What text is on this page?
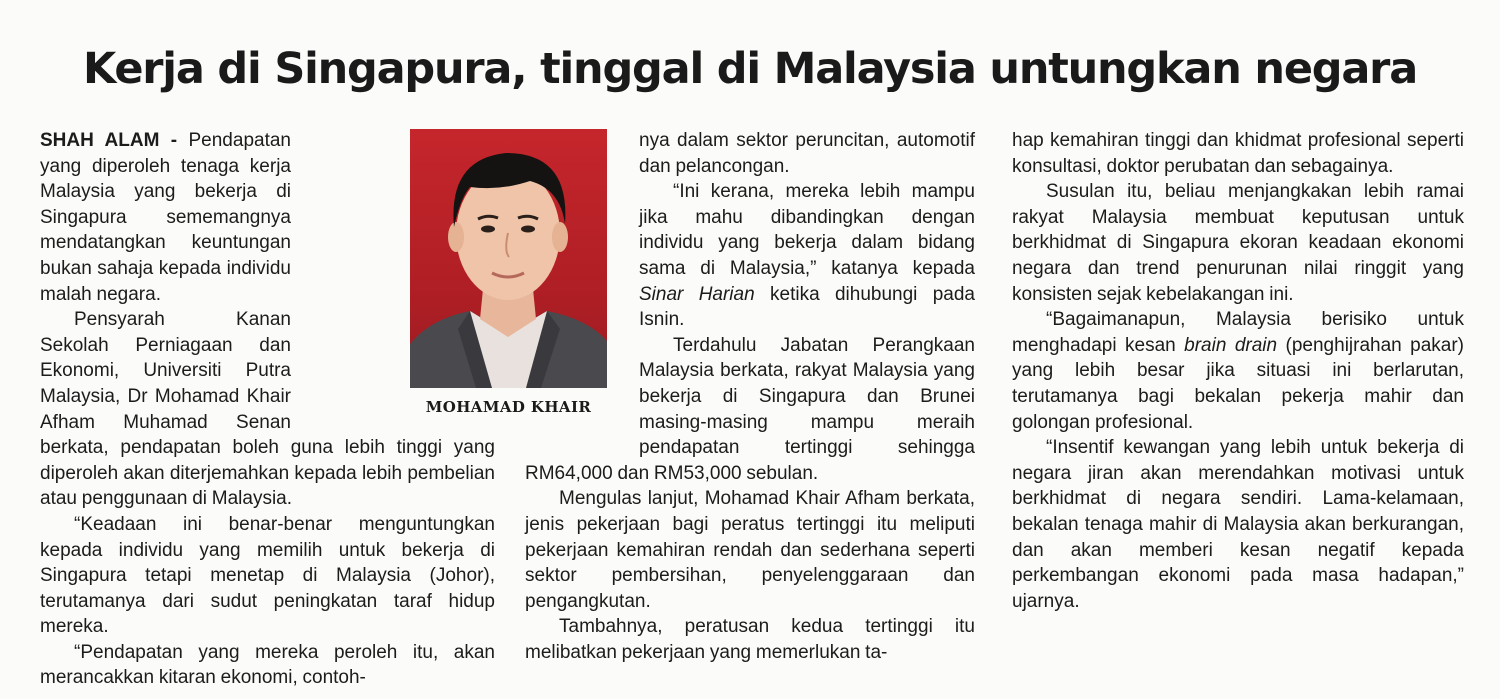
Kerja di Singapura, tinggal di Malaysia untungkan negara

SHAH ALAM - Pendapatan yang diperoleh tenaga kerja Malaysia yang bekerja di Singapura sememangnya mendatangkan keuntungan bukan sahaja kepada individu malah negara.

Pensyarah Kanan Sekolah Perniagaan dan Ekonomi, Universiti Putra Malaysia, Dr Mohamad Khair Afham Muhamad Senan berkata, pendapatan boleh guna lebih tinggi yang diperoleh akan diterjemahkan kepada lebih pembelian atau penggunaan di Malaysia.

“Keadaan ini benar-benar menguntungkan kepada individu yang memilih untuk bekerja di Singapura tetapi menetap di Malaysia (Johor), terutamanya dari sudut peningkatan taraf hidup mereka.

“Pendapatan yang mereka peroleh itu, akan merancakkan kitaran ekonomi, contoh-

MOHAMAD KHAIR

nya dalam sektor peruncitan, automotif dan pelancongan.

“Ini kerana, mereka lebih mampu jika mahu dibandingkan dengan individu yang bekerja dalam bidang sama di Malaysia,” katanya kepada Sinar Harian ketika dihubungi pada Isnin.

Terdahulu Jabatan Perangkaan Malaysia berkata, rakyat Malaysia yang bekerja di Singapura dan Brunei masing-masing mampu meraih pendapatan tertinggi sehingga RM64,000 dan RM53,000 sebulan.

Mengulas lanjut, Mohamad Khair Afham berkata, jenis pekerjaan bagi peratus tertinggi itu meliputi pekerjaan kemahiran rendah dan sederhana seperti sektor pembersihan, penyelenggaraan dan pengangkutan.

Tambahnya, peratusan kedua tertinggi itu melibatkan pekerjaan yang memerlukan ta-

hap kemahiran tinggi dan khidmat profesional seperti konsultasi, doktor perubatan dan sebagainya.

Susulan itu, beliau menjangkakan lebih ramai rakyat Malaysia membuat keputusan untuk berkhidmat di Singapura ekoran keadaan ekonomi negara dan trend penurunan nilai ringgit yang konsisten sejak kebelakangan ini.

“Bagaimanapun, Malaysia berisiko untuk menghadapi kesan brain drain (penghijrahan pakar) yang lebih besar jika situasi ini berlarutan, terutamanya bagi bekalan pekerja mahir dan golongan profesional.

“Insentif kewangan yang lebih untuk bekerja di negara jiran akan merendahkan motivasi untuk berkhidmat di negara sendiri. Lama-kelamaan, bekalan tenaga mahir di Malaysia akan berkurangan, dan akan memberi kesan negatif kepada perkembangan ekonomi pada masa hadapan,” ujarnya.
